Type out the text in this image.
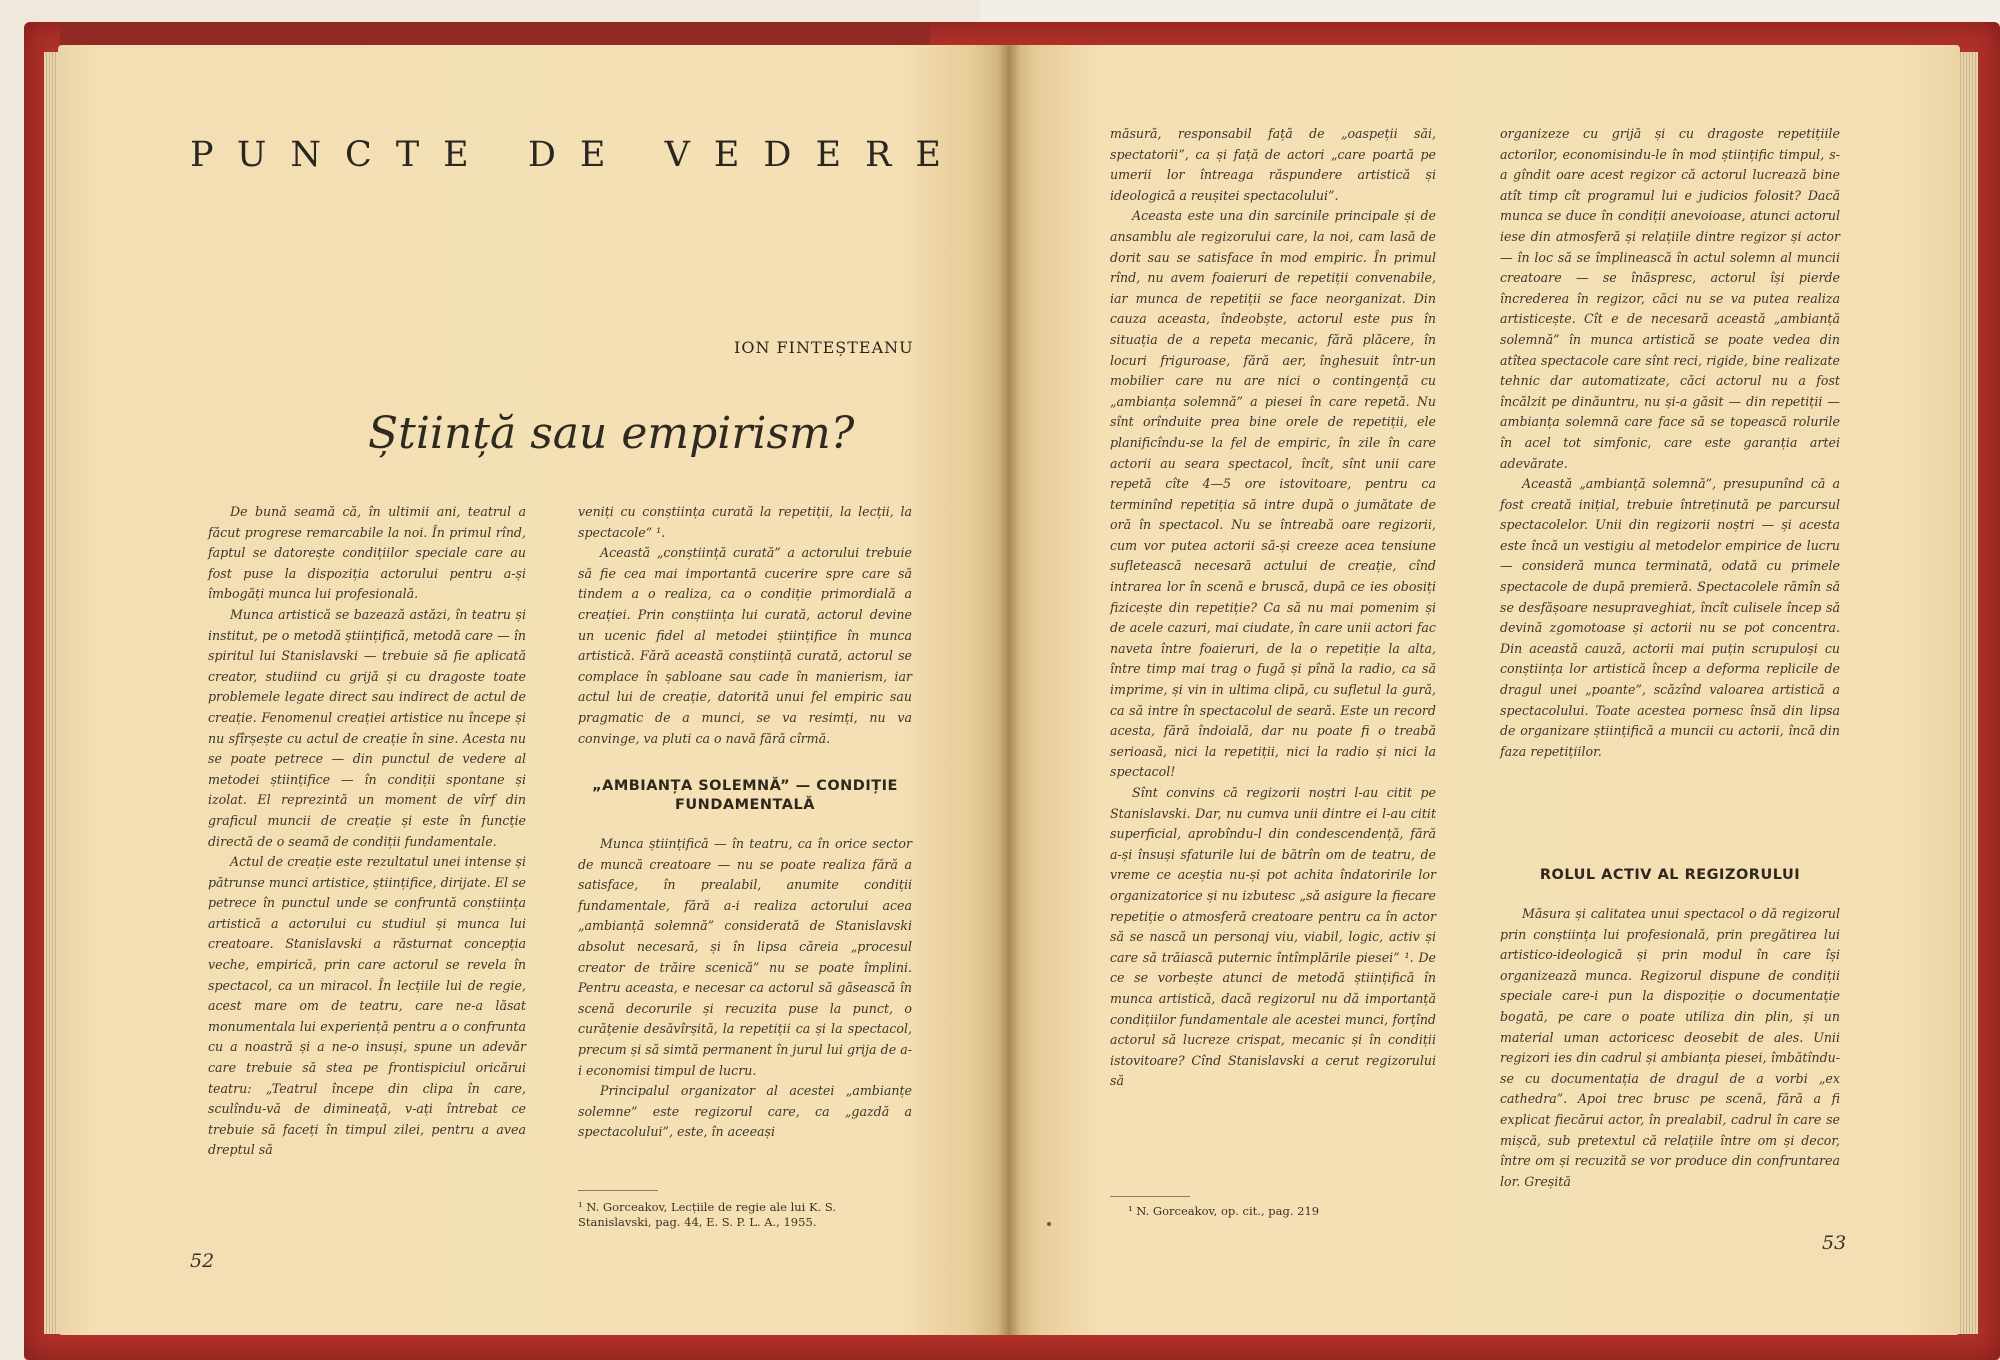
PUNCTE DE VEDERE
ION FINTEȘTEANU
Știință sau empirism?

De bună seamă că, în ultimii ani, teatrul a făcut progrese remarcabile la noi. În primul rînd, faptul se datorește condițiilor speciale care au fost puse la dispoziția actorului pentru a-și îmbogăți munca lui profesională.

Munca artistică se bazează astăzi, în teatru și institut, pe o metodă științifică, metodă care — în spiritul lui Stanislavski — trebuie să fie aplicată creator, studiind cu grijă și cu dragoste toate problemele legate direct sau indirect de actul de creație. Fenomenul creației artistice nu începe și nu sfîrșește cu actul de creație în sine. Acesta nu se poate petrece — din punctul de vedere al metodei științifice — în condiții spontane și izolat. El reprezintă un moment de vîrf din graficul muncii de creație și este în funcție directă de o seamă de condiții fundamentale.

Actul de creație este rezultatul unei intense și pătrunse munci artistice, științifice, dirijate. El se petrece în punctul unde se confruntă conștiința artistică a actorului cu studiul și munca lui creatoare. Stanislavski a răsturnat concepția veche, empirică, prin care actorul se revela în spectacol, ca un miracol. În lecțiile lui de regie, acest mare om de teatru, care ne-a lăsat monumentala lui experiență pentru a o confrunta cu a noastră și a ne-o insuși, spune un adevăr care trebuie să stea pe frontispiciul oricărui teatru: „Teatrul începe din clipa în care, sculîndu-vă de dimineață, v-ați întrebat ce trebuie să faceți în timpul zilei, pentru a avea dreptul să

veniți cu conștiința curată la repetiții, la lecții, la spectacole” ¹.

Această „conștiință curată” a actorului trebuie să fie cea mai importantă cucerire spre care să tindem a o realiza, ca o condiție primordială a creației. Prin conștiința lui curată, actorul devine un ucenic fidel al metodei științifice în munca artistică. Fără această conștiință curată, actorul se complace în șabloane sau cade în manierism, iar actul lui de creație, datorită unui fel empiric sau pragmatic de a munci, se va resimți, nu va convinge, va pluti ca o navă fără cîrmă.

„AMBIANȚA SOLEMNĂ” — CONDIȚIE FUNDAMENTALĂ

Munca științifică — în teatru, ca în orice sector de muncă creatoare — nu se poate realiza fără a satisface, în prealabil, anumite condiții fundamentale, fără a-i realiza actorului acea „ambianță solemnă” considerată de Stanislavski absolut necesară, și în lipsa căreia „procesul creator de trăire scenică” nu se poate împlini. Pentru aceasta, e necesar ca actorul să găsească în scenă decorurile și recuzita puse la punct, o curățenie desăvîrșită, la repetiții ca și la spectacol, precum și să simtă permanent în jurul lui grija de a-i economisi timpul de lucru.

Principalul organizator al acestei „ambianțe solemne” este regizorul care, ca „gazdă a spectacolului”, este, în aceeași

¹ N. Gorceakov, Lecțiile de regie ale lui K. S. Stanislavski, pag. 44, E. S. P. L. A., 1955.
52

măsură, responsabil față de „oaspeții săi, spectatorii”, ca și față de actori „care poartă pe umerii lor întreaga răspundere artistică și ideologică a reușitei spectacolului”.

Aceasta este una din sarcinile principale și de ansamblu ale regizorului care, la noi, cam lasă de dorit sau se satisface în mod empiric. În primul rînd, nu avem foaieruri de repetiții convenabile, iar munca de repetiții se face neorganizat. Din cauza aceasta, îndeobște, actorul este pus în situația de a repeta mecanic, fără plăcere, în locuri friguroase, fără aer, înghesuit într-un mobilier care nu are nici o contingență cu „ambianța solemnă” a piesei în care repetă. Nu sînt orînduite prea bine orele de repetiții, ele planificîndu-se la fel de empiric, în zile în care actorii au seara spectacol, încît, sînt unii care repetă cîte 4—5 ore istovitoare, pentru ca terminînd repetiția să intre după o jumătate de oră în spectacol. Nu se întreabă oare regizorii, cum vor putea actorii să-și creeze acea tensiune sufletească necesară actului de creație, cînd intrarea lor în scenă e bruscă, după ce ies obosiți fizicește din repetiție? Ca să nu mai pomenim și de acele cazuri, mai ciudate, în care unii actori fac naveta între foaieruri, de la o repetiție la alta, între timp mai trag o fugă și pînă la radio, ca să imprime, și vin in ultima clipă, cu sufletul la gură, ca să intre în spectacolul de seară. Este un record acesta, fără îndoială, dar nu poate fi o treabă serioasă, nici la repetiții, nici la radio și nici la spectacol!

Sînt convins că regizorii noștri l-au citit pe Stanislavski. Dar, nu cumva unii dintre ei l-au citit superficial, aprobîndu-l din condescendență, fără a-și însuși sfaturile lui de bătrîn om de teatru, de vreme ce aceștia nu-și pot achita îndatoririle lor organizatorice și nu izbutesc „să asigure la fiecare repetiție o atmosferă creatoare pentru ca în actor să se nască un personaj viu, viabil, logic, activ și care să trăiască puternic întîmplările piesei” ¹. De ce se vorbește atunci de metodă științifică în munca artistică, dacă regizorul nu dă importanță condițiilor fundamentale ale acestei munci, forțînd actorul să lucreze crispat, mecanic și în condiții istovitoare? Cînd Stanislavski a cerut regizorului să

¹ N. Gorceakov, op. cit., pag. 219

organizeze cu grijă și cu dragoste repetițiile actorilor, economisindu-le în mod științific timpul, s-a gîndit oare acest regizor că actorul lucrează bine atît timp cît programul lui e judicios folosit? Dacă munca se duce în condiții anevoioase, atunci actorul iese din atmosferă și relațiile dintre regizor și actor — în loc să se împlinească în actul solemn al muncii creatoare — se înăspresc, actorul își pierde încrederea în regizor, căci nu se va putea realiza artisticește. Cît e de necesară această „ambianță solemnă” în munca artistică se poate vedea din atîtea spectacole care sînt reci, rigide, bine realizate tehnic dar automatizate, căci actorul nu a fost încălzit pe dinăuntru, nu și-a găsit — din repetiții — ambianța solemnă care face să se topească rolurile în acel tot simfonic, care este garanția artei adevărate.

Această „ambianță solemnă”, presupunînd că a fost creată inițial, trebuie întreținută pe parcursul spectacolelor. Unii din regizorii noștri — și acesta este încă un vestigiu al metodelor empirice de lucru — consideră munca terminată, odată cu primele spectacole de după premieră. Spectacolele rămîn să se desfășoare nesupraveghiat, încît culisele încep să devină zgomotoase și actorii nu se pot concentra. Din această cauză, actorii mai puțin scrupuloși cu conștiința lor artistică încep a deforma replicile de dragul unei „poante”, scăzînd valoarea artistică a spectacolului. Toate acestea pornesc însă din lipsa de organizare științifică a muncii cu actorii, încă din faza repetițiilor.

ROLUL ACTIV AL REGIZORULUI

Măsura și calitatea unui spectacol o dă regizorul prin conștiința lui profesională, prin pregătirea lui artistico-ideologică și prin modul în care își organizează munca. Regizorul dispune de condiții speciale care-i pun la dispoziție o documentație bogată, pe care o poate utiliza din plin, și un material uman actoricesc deosebit de ales. Unii regizori ies din cadrul și ambianța piesei, îmbătîndu-se cu documentația de dragul de a vorbi „ex cathedra”. Apoi trec brusc pe scenă, fără a fi explicat fiecărui actor, în prealabil, cadrul în care se mișcă, sub pretextul că relațiile între om și decor, între om și recuzită se vor produce din confruntarea lor. Greșită

53
